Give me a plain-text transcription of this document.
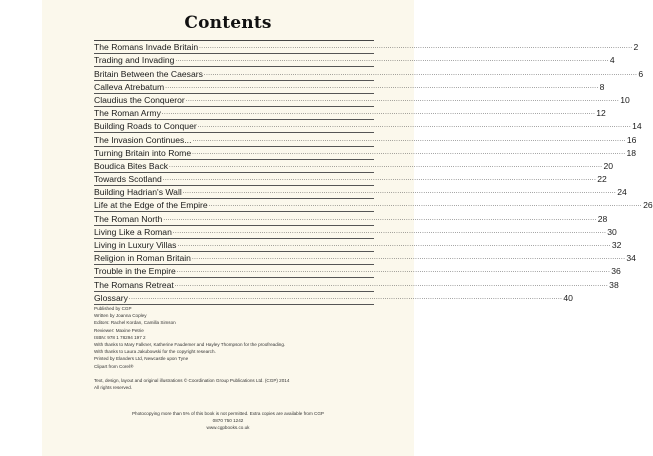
Contents
The Romans Invade Britain ........................................................................................................................................................................................................ 2
Trading and Invading ........................................................................................................................................................................................................ 4
Britain Between the Caesars ........................................................................................................................................................................................................ 6
Calleva Atrebatum ........................................................................................................................................................................................................ 8
Claudius the Conqueror ........................................................................................................................................................................................................ 10
The Roman Army ........................................................................................................................................................................................................ 12
Building Roads to Conquer ........................................................................................................................................................................................................ 14
The Invasion Continues... ........................................................................................................................................................................................................ 16
Turning Britain into Rome ........................................................................................................................................................................................................ 18
Boudica Bites Back ........................................................................................................................................................................................................ 20
Towards Scotland ........................................................................................................................................................................................................ 22
Building Hadrian's Wall ........................................................................................................................................................................................................ 24
Life at the Edge of the Empire ........................................................................................................................................................................................................ 26
The Roman North ........................................................................................................................................................................................................ 28
Living Like a Roman ........................................................................................................................................................................................................ 30
Living in Luxury Villas ........................................................................................................................................................................................................ 32
Religion in Roman Britain ........................................................................................................................................................................................................ 34
Trouble in the Empire ........................................................................................................................................................................................................ 36
The Romans Retreat ........................................................................................................................................................................................................ 38
Glossary ........................................................................................................................................................................................................ 40
Published by CGP
Written by Joanna Copley
Editors: Rachel Kordan, Camilla Simson
Reviewer: Maxine Petrie
ISBN: 978 1 78294 197 2
With thanks to Mary Falkner, Katherine Faudemer and Hayley Thompson for the proofreading.
With thanks to Laura Jakubowski for the copyright research.
Printed by Elanders Ltd, Newcastle upon Tyne
Clipart from Corel®
Text, design, layout and original illustrations © Coordination Group Publications Ltd. (CGP) 2014
All rights reserved.
Photocopying more than 5% of this book is not permitted. Extra copies are available from CGP
0870 750 1242
www.cgpbooks.co.uk
